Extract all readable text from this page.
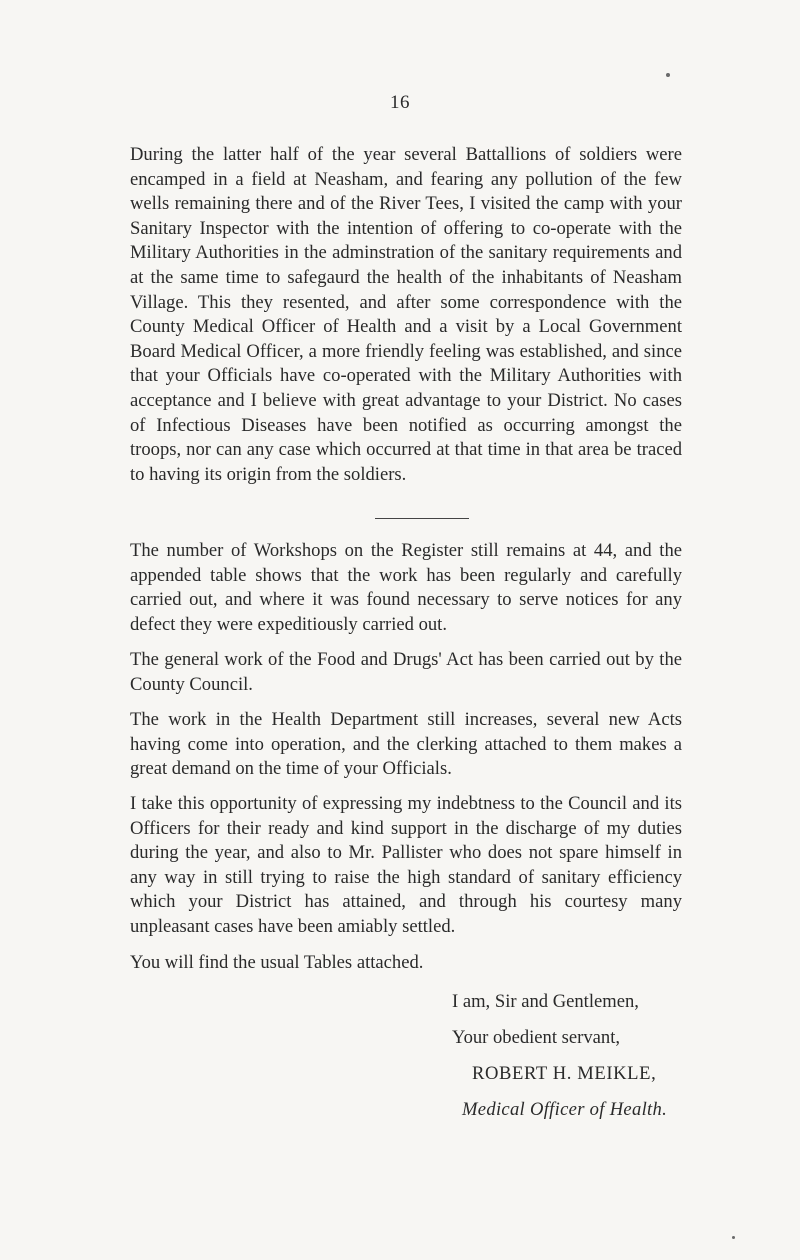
16

During the latter half of the year several Battallions of soldiers were encamped in a field at Neasham, and fearing any pollution of the few wells remaining there and of the River Tees, I visited the camp with your Sanitary Inspector with the intention of offering to co-operate with the Military Authorities in the adminstration of the sanitary requirements and at the same time to safegaurd the health of the inhabitants of Neasham Village. This they resented, and after some correspondence with the County Medical Officer of Health and a visit by a Local Government Board Medical Officer, a more friendly feeling was established, and since that your Officials have co-operated with the Military Authorities with acceptance and I believe with great advantage to your District. No cases of Infectious Diseases have been notified as occurring amongst the troops, nor can any case which occurred at that time in that area be traced to having its origin from the soldiers.

The number of Workshops on the Register still remains at 44, and the appended table shows that the work has been regularly and carefully carried out, and where it was found necessary to serve notices for any defect they were expeditiously carried out.

The general work of the Food and Drugs' Act has been carried out by the County Council.

The work in the Health Department still increases, several new Acts having come into operation, and the clerking attached to them makes a great demand on the time of your Officials.

I take this opportunity of expressing my indebtness to the Council and its Officers for their ready and kind support in the discharge of my duties during the year, and also to Mr. Pallister who does not spare himself in any way in still trying to raise the high standard of sanitary efficiency which your District has attained, and through his courtesy many unpleasant cases have been amiably settled.

You will find the usual Tables attached.

I am, Sir and Gentlemen,
Your obedient servant,
ROBERT H. MEIKLE,
Medical Officer of Health.
